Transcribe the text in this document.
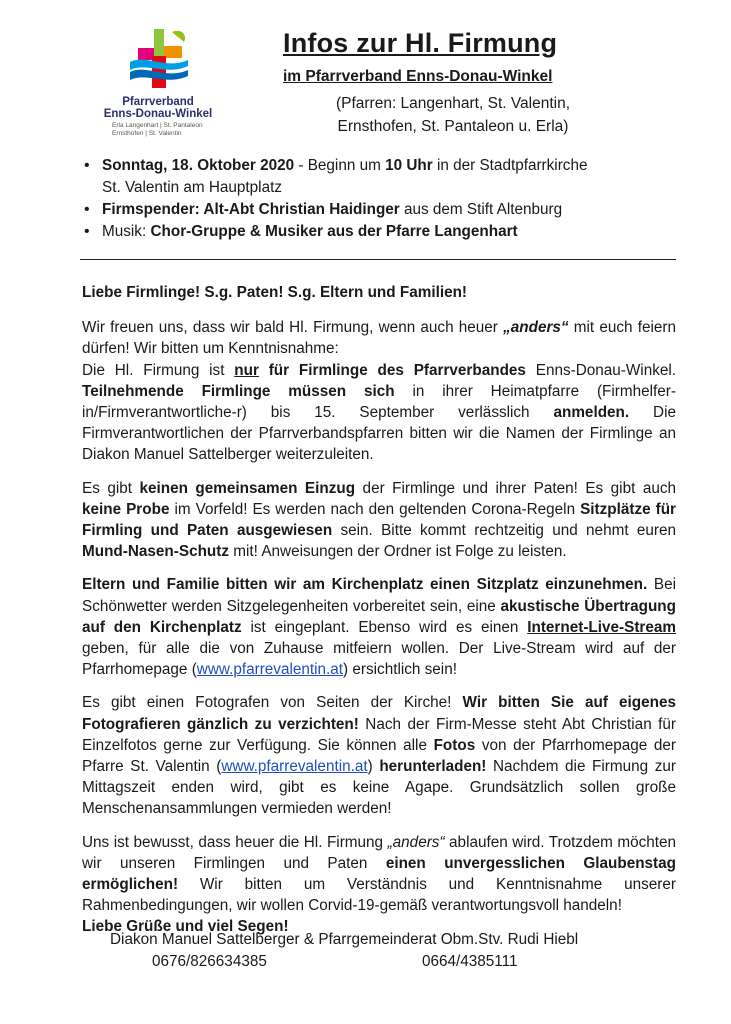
Pfarrverband
Enns-Donau-Winkel
Erla Langenhart | St. Pantaleon
Ernsthofen | St. Valentin
Infos zur Hl. Firmung
im Pfarrverband Enns-Donau-Winkel
(Pfarren: Langenhart, St. Valentin,
Ernsthofen, St. Pantaleon u. Erla)
• Sonntag, 18. Oktober 2020 - Beginn um 10 Uhr in der Stadtpfarrkirche
St. Valentin am Hauptplatz
• Firmspender: Alt-Abt Christian Haidinger aus dem Stift Altenburg
• Musik: Chor-Gruppe & Musiker aus der Pfarre Langenhart

Liebe Firmlinge! S.g. Paten! S.g. Eltern und Familien!

Wir freuen uns, dass wir bald Hl. Firmung, wenn auch heuer „anders“ mit euch feiern dürfen! Wir bitten um Kenntnisnahme:
Die Hl. Firmung ist nur für Firmlinge des Pfarrverbandes Enns-Donau-Winkel. Teilnehmende Firmlinge müssen sich in ihrer Heimatpfarre (Firmhelfer-in/Firmverantwortliche-r) bis 15. September verlässlich anmelden. Die Firmverantwortlichen der Pfarrverbandspfarren bitten wir die Namen der Firmlinge an Diakon Manuel Sattelberger weiterzuleiten.

Es gibt keinen gemeinsamen Einzug der Firmlinge und ihrer Paten! Es gibt auch keine Probe im Vorfeld! Es werden nach den geltenden Corona-Regeln Sitzplätze für Firmling und Paten ausgewiesen sein. Bitte kommt rechtzeitig und nehmt euren Mund-Nasen-Schutz mit! Anweisungen der Ordner ist Folge zu leisten.

Eltern und Familie bitten wir am Kirchenplatz einen Sitzplatz einzunehmen. Bei Schönwetter werden Sitzgelegenheiten vorbereitet sein, eine akustische Übertragung auf den Kirchenplatz ist eingeplant. Ebenso wird es einen Internet-Live-Stream geben, für alle die von Zuhause mitfeiern wollen. Der Live-Stream wird auf der Pfarrhomepage (www.pfarrevalentin.at) ersichtlich sein!

Es gibt einen Fotografen von Seiten der Kirche! Wir bitten Sie auf eigenes Fotografieren gänzlich zu verzichten! Nach der Firm-Messe steht Abt Christian für Einzelfotos gerne zur Verfügung. Sie können alle Fotos von der Pfarrhomepage der Pfarre St. Valentin (www.pfarrevalentin.at) herunterladen! Nachdem die Firmung zur Mittagszeit enden wird, gibt es keine Agape. Grundsätzlich sollen große Menschenansammlungen vermieden werden!

Uns ist bewusst, dass heuer die Hl. Firmung „anders“ ablaufen wird. Trotzdem möchten wir unseren Firmlingen und Paten einen unvergesslichen Glaubenstag ermöglichen! Wir bitten um Verständnis und Kenntnisnahme unserer Rahmenbedingungen, wir wollen Corvid-19-gemäß verantwortungsvoll handeln!
Liebe Grüße und viel Segen!

Diakon Manuel Sattelberger & Pfarrgemeinderat Obm.Stv. Rudi Hiebl
0676/826634385	0664/4385111
